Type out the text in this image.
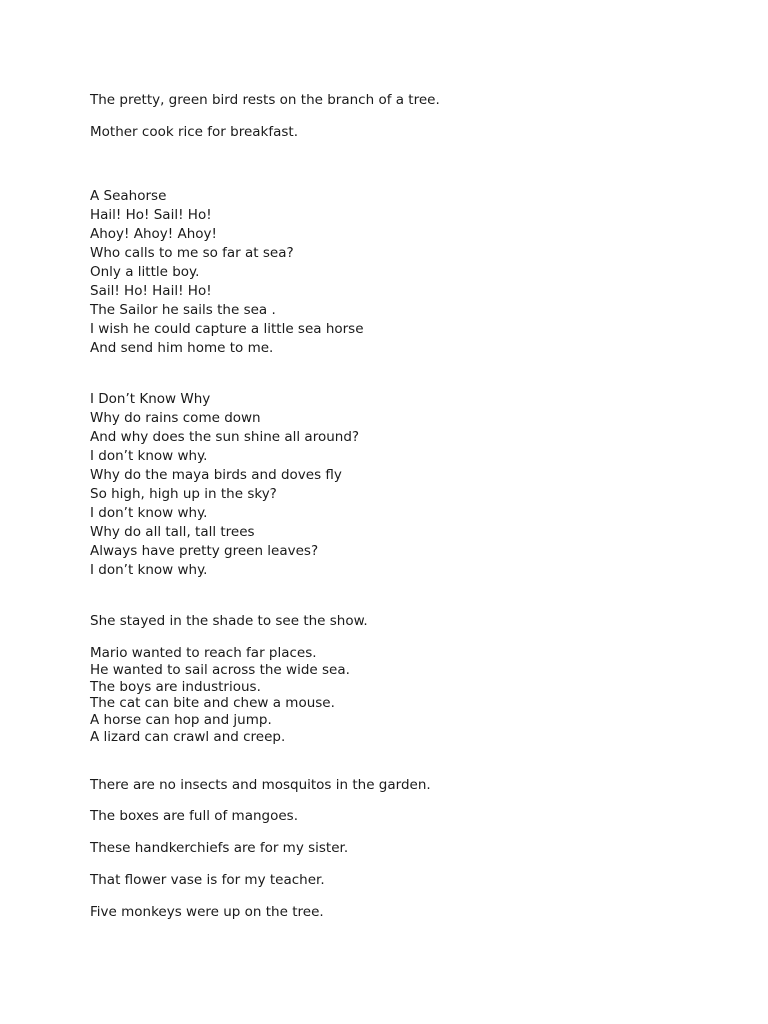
The pretty, green bird rests on the branch of a tree.

Mother cook rice for breakfast.

A Seahorse

Hail! Ho! Sail! Ho!

Ahoy! Ahoy! Ahoy!

Who calls to me so far at sea?

Only a little boy.

Sail! Ho! Hail! Ho!

The Sailor he sails the sea .

I wish he could capture a little sea horse

And send him home to me.

I Don’t Know Why

Why do rains come down

And why does the sun shine all around?

I don’t know why.

Why do the maya birds and doves fly

So high, high up in the sky?

I don’t know why.

Why do all tall, tall trees

Always have pretty green leaves?

I don’t know why.

She stayed in the shade to see the show.

Mario wanted to reach far places.

He wanted to sail across the wide sea.

The boys are industrious.

The cat can bite and chew a mouse.

A horse can hop and jump.

A lizard can crawl and creep.

There are no insects and mosquitos in the garden.

The boxes are full of mangoes.

These handkerchiefs are for my sister.

That flower vase is for my teacher.

Five monkeys were up on the tree.
